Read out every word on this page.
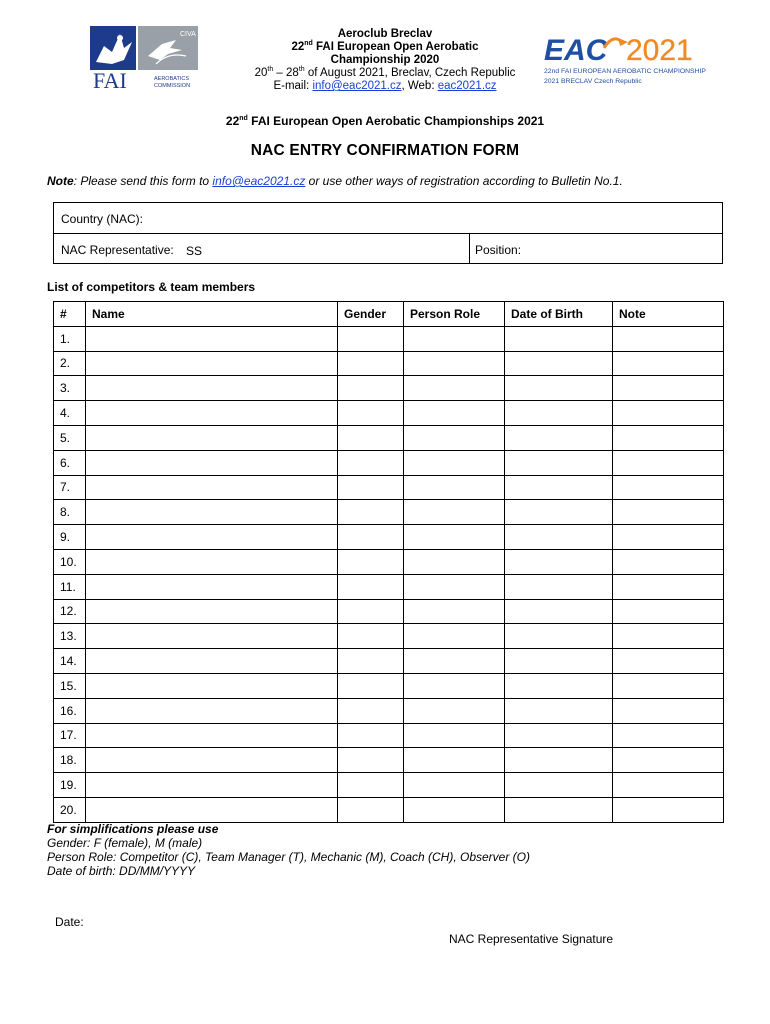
FAI
CIVA
AEROBATICS
COMMISSION
Aeroclub Breclav
22nd FAI European Open Aerobatic
Championship 2020
20th – 28th of August 2021, Breclav, Czech Republic
E-mail: info@eac2021.cz, Web: eac2021.cz
EAC 2021
22nd FAI EUROPEAN AEROBATIC CHAMPIONSHIP
2021 BRECLAV Czech Republic
22nd FAI European Open Aerobatic Championships 2021
NAC ENTRY CONFIRMATION FORM
Note: Please send this form to info@eac2021.cz or use other ways of registration according to Bulletin No.1.
Country (NAC):
NAC Representative: SS	Position:
List of competitors & team members
#	Name	Gender	Person Role	Date of Birth	Note
1.					
2.					
3.					
4.					
5.					
6.					
7.					
8.					
9.					
10.					
11.					
12.					
13.					
14.					
15.					
16.					
17.					
18.					
19.					
20.					
For simplifications please use
Gender: F (female), M (male)
Person Role: Competitor (C), Team Manager (T), Mechanic (M), Coach (CH), Observer (O)
Date of birth: DD/MM/YYYY
Date:
NAC Representative Signature
